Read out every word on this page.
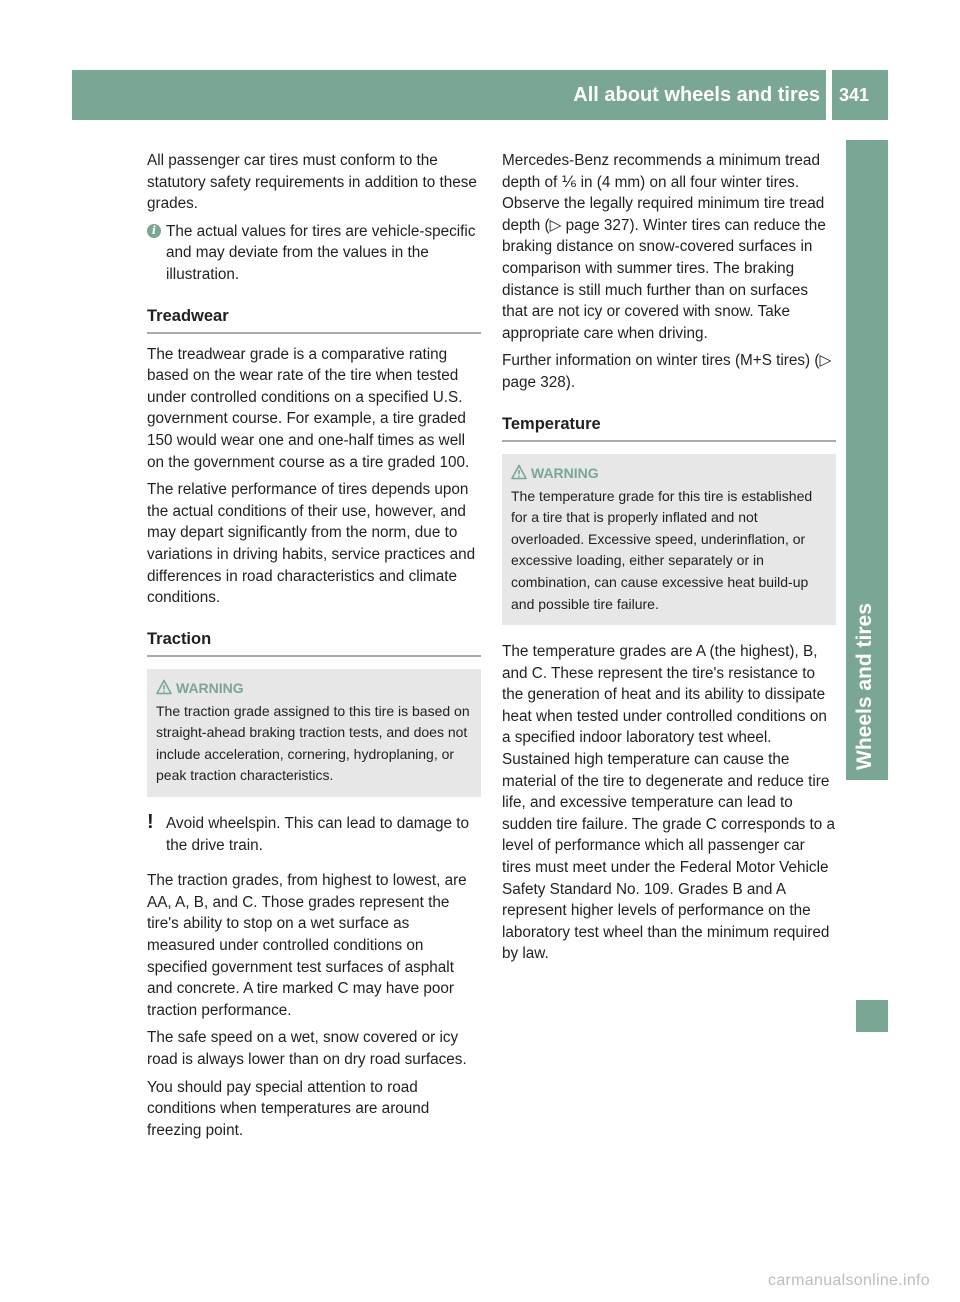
All about wheels and tires	341
Wheels and tires

All passenger car tires must conform to the statutory safety requirements in addition to these grades.

i The actual values for tires are vehicle-specific and may deviate from the values in the illustration.
Treadwear

The treadwear grade is a comparative rating based on the wear rate of the tire when tested under controlled conditions on a specified U.S. government course. For example, a tire graded 150 would wear one and one-half times as well on the government course as a tire graded 100.

The relative performance of tires depends upon the actual conditions of their use, however, and may depart significantly from the norm, due to variations in driving habits, service practices and differences in road characteristics and climate conditions.

Traction
WARNING

The traction grade assigned to this tire is based on straight-ahead braking traction tests, and does not include acceleration, cornering, hydroplaning, or peak traction characteristics.

! Avoid wheelspin. This can lead to damage to the drive train.

The traction grades, from highest to lowest, are AA, A, B, and C. Those grades represent the tire's ability to stop on a wet surface as measured under controlled conditions on specified government test surfaces of asphalt and concrete. A tire marked C may have poor traction performance.

The safe speed on a wet, snow covered or icy road is always lower than on dry road surfaces.

You should pay special attention to road conditions when temperatures are around freezing point.

Mercedes-Benz recommends a minimum tread depth of ⅙ in (4 mm) on all four winter tires. Observe the legally required minimum tire tread depth (▷ page 327). Winter tires can reduce the braking distance on snow-covered surfaces in comparison with summer tires. The braking distance is still much further than on surfaces that are not icy or covered with snow. Take appropriate care when driving.

Further information on winter tires (M+S tires) (▷ page 328).

Temperature
WARNING

The temperature grade for this tire is established for a tire that is properly inflated and not overloaded. Excessive speed, underinflation, or excessive loading, either separately or in combination, can cause excessive heat build-up and possible tire failure.

The temperature grades are A (the highest), B, and C. These represent the tire's resistance to the generation of heat and its ability to dissipate heat when tested under controlled conditions on a specified indoor laboratory test wheel. Sustained high temperature can cause the material of the tire to degenerate and reduce tire life, and excessive temperature can lead to sudden tire failure. The grade C corresponds to a level of performance which all passenger car tires must meet under the Federal Motor Vehicle Safety Standard No. 109. Grades B and A represent higher levels of performance on the laboratory test wheel than the minimum required by law.

carmanualsonline.info
